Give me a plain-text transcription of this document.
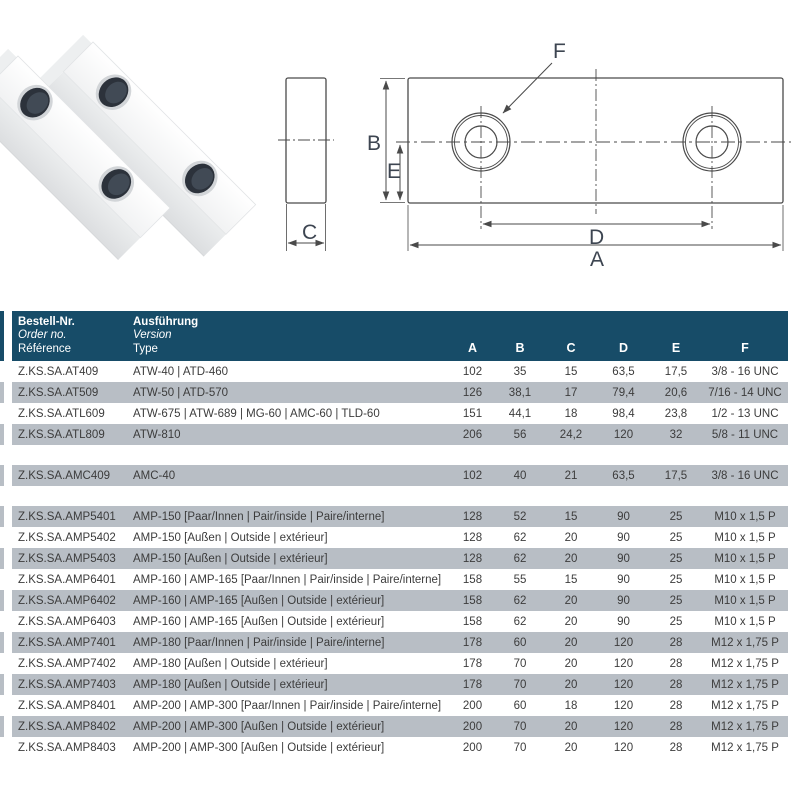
C
B
E
F
D
A
Bestell-Nr.
Order no.
Référence
Ausführung
Version
Type	A	B	C	D	E	F
Z.KS.SA.AT409	ATW-40 | ATD-460	102	35	15	63,5	17,5	3/8 - 16 UNC
Z.KS.SA.AT509	ATW-50 | ATD-570	126	38,1	17	79,4	20,6	7/16 - 14 UNC
Z.KS.SA.ATL609	ATW-675 | ATW-689 | MG-60 | AMC-60 | TLD-60	151	44,1	18	98,4	23,8	1/2 - 13 UNC
Z.KS.SA.ATL809	ATW-810	206	56	24,2	120	32	5/8 - 11 UNC
Z.KS.SA.AMC409	AMC-40	102	40	21	63,5	17,5	3/8 - 16 UNC
Z.KS.SA.AMP5401	AMP-150 [Paar/Innen | Pair/inside | Paire/interne]	128	52	15	90	25	M10 x 1,5 P
Z.KS.SA.AMP5402	AMP-150 [Außen | Outside | extérieur]	128	62	20	90	25	M10 x 1,5 P
Z.KS.SA.AMP5403	AMP-150 [Außen | Outside | extérieur]	128	62	20	90	25	M10 x 1,5 P
Z.KS.SA.AMP6401	AMP-160 | AMP-165 [Paar/Innen | Pair/inside | Paire/interne]	158	55	15	90	25	M10 x 1,5 P
Z.KS.SA.AMP6402	AMP-160 | AMP-165 [Außen | Outside | extérieur]	158	62	20	90	25	M10 x 1,5 P
Z.KS.SA.AMP6403	AMP-160 | AMP-165 [Außen | Outside | extérieur]	158	62	20	90	25	M10 x 1,5 P
Z.KS.SA.AMP7401	AMP-180 [Paar/Innen | Pair/inside | Paire/interne]	178	60	20	120	28	M12 x 1,75 P
Z.KS.SA.AMP7402	AMP-180 [Außen | Outside | extérieur]	178	70	20	120	28	M12 x 1,75 P
Z.KS.SA.AMP7403	AMP-180 [Außen | Outside | extérieur]	178	70	20	120	28	M12 x 1,75 P
Z.KS.SA.AMP8401	AMP-200 | AMP-300 [Paar/Innen | Pair/inside | Paire/interne]	200	60	18	120	28	M12 x 1,75 P
Z.KS.SA.AMP8402	AMP-200 | AMP-300 [Außen | Outside | extérieur]	200	70	20	120	28	M12 x 1,75 P
Z.KS.SA.AMP8403	AMP-200 | AMP-300 [Außen | Outside | extérieur]	200	70	20	120	28	M12 x 1,75 P
